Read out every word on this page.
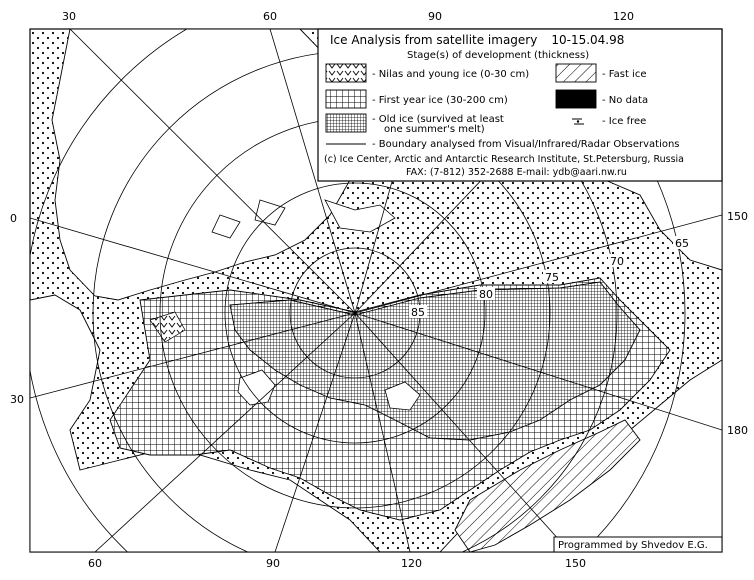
30	60	90	120
60	90	120	150
0
30
150
180
85
80
75
70
65
Ice Analysis from satellite imagery 10-15.04.98
Stage(s) of development (thickness)
- Nilas and young ice (0-30 cm)	- Fast ice
- First year ice (30-200 cm)	- No data
- Old ice (survived at least
one summer's melt)
- Ice free
- Boundary analysed from Visual/Infrared/Radar Observations
(c) Ice Center, Arctic and Antarctic Research Institute, St.Petersburg, Russia
FAX: (7-812) 352-2688 E-mail: ydb@aari.nw.ru
Programmed by Shvedov E.G.
